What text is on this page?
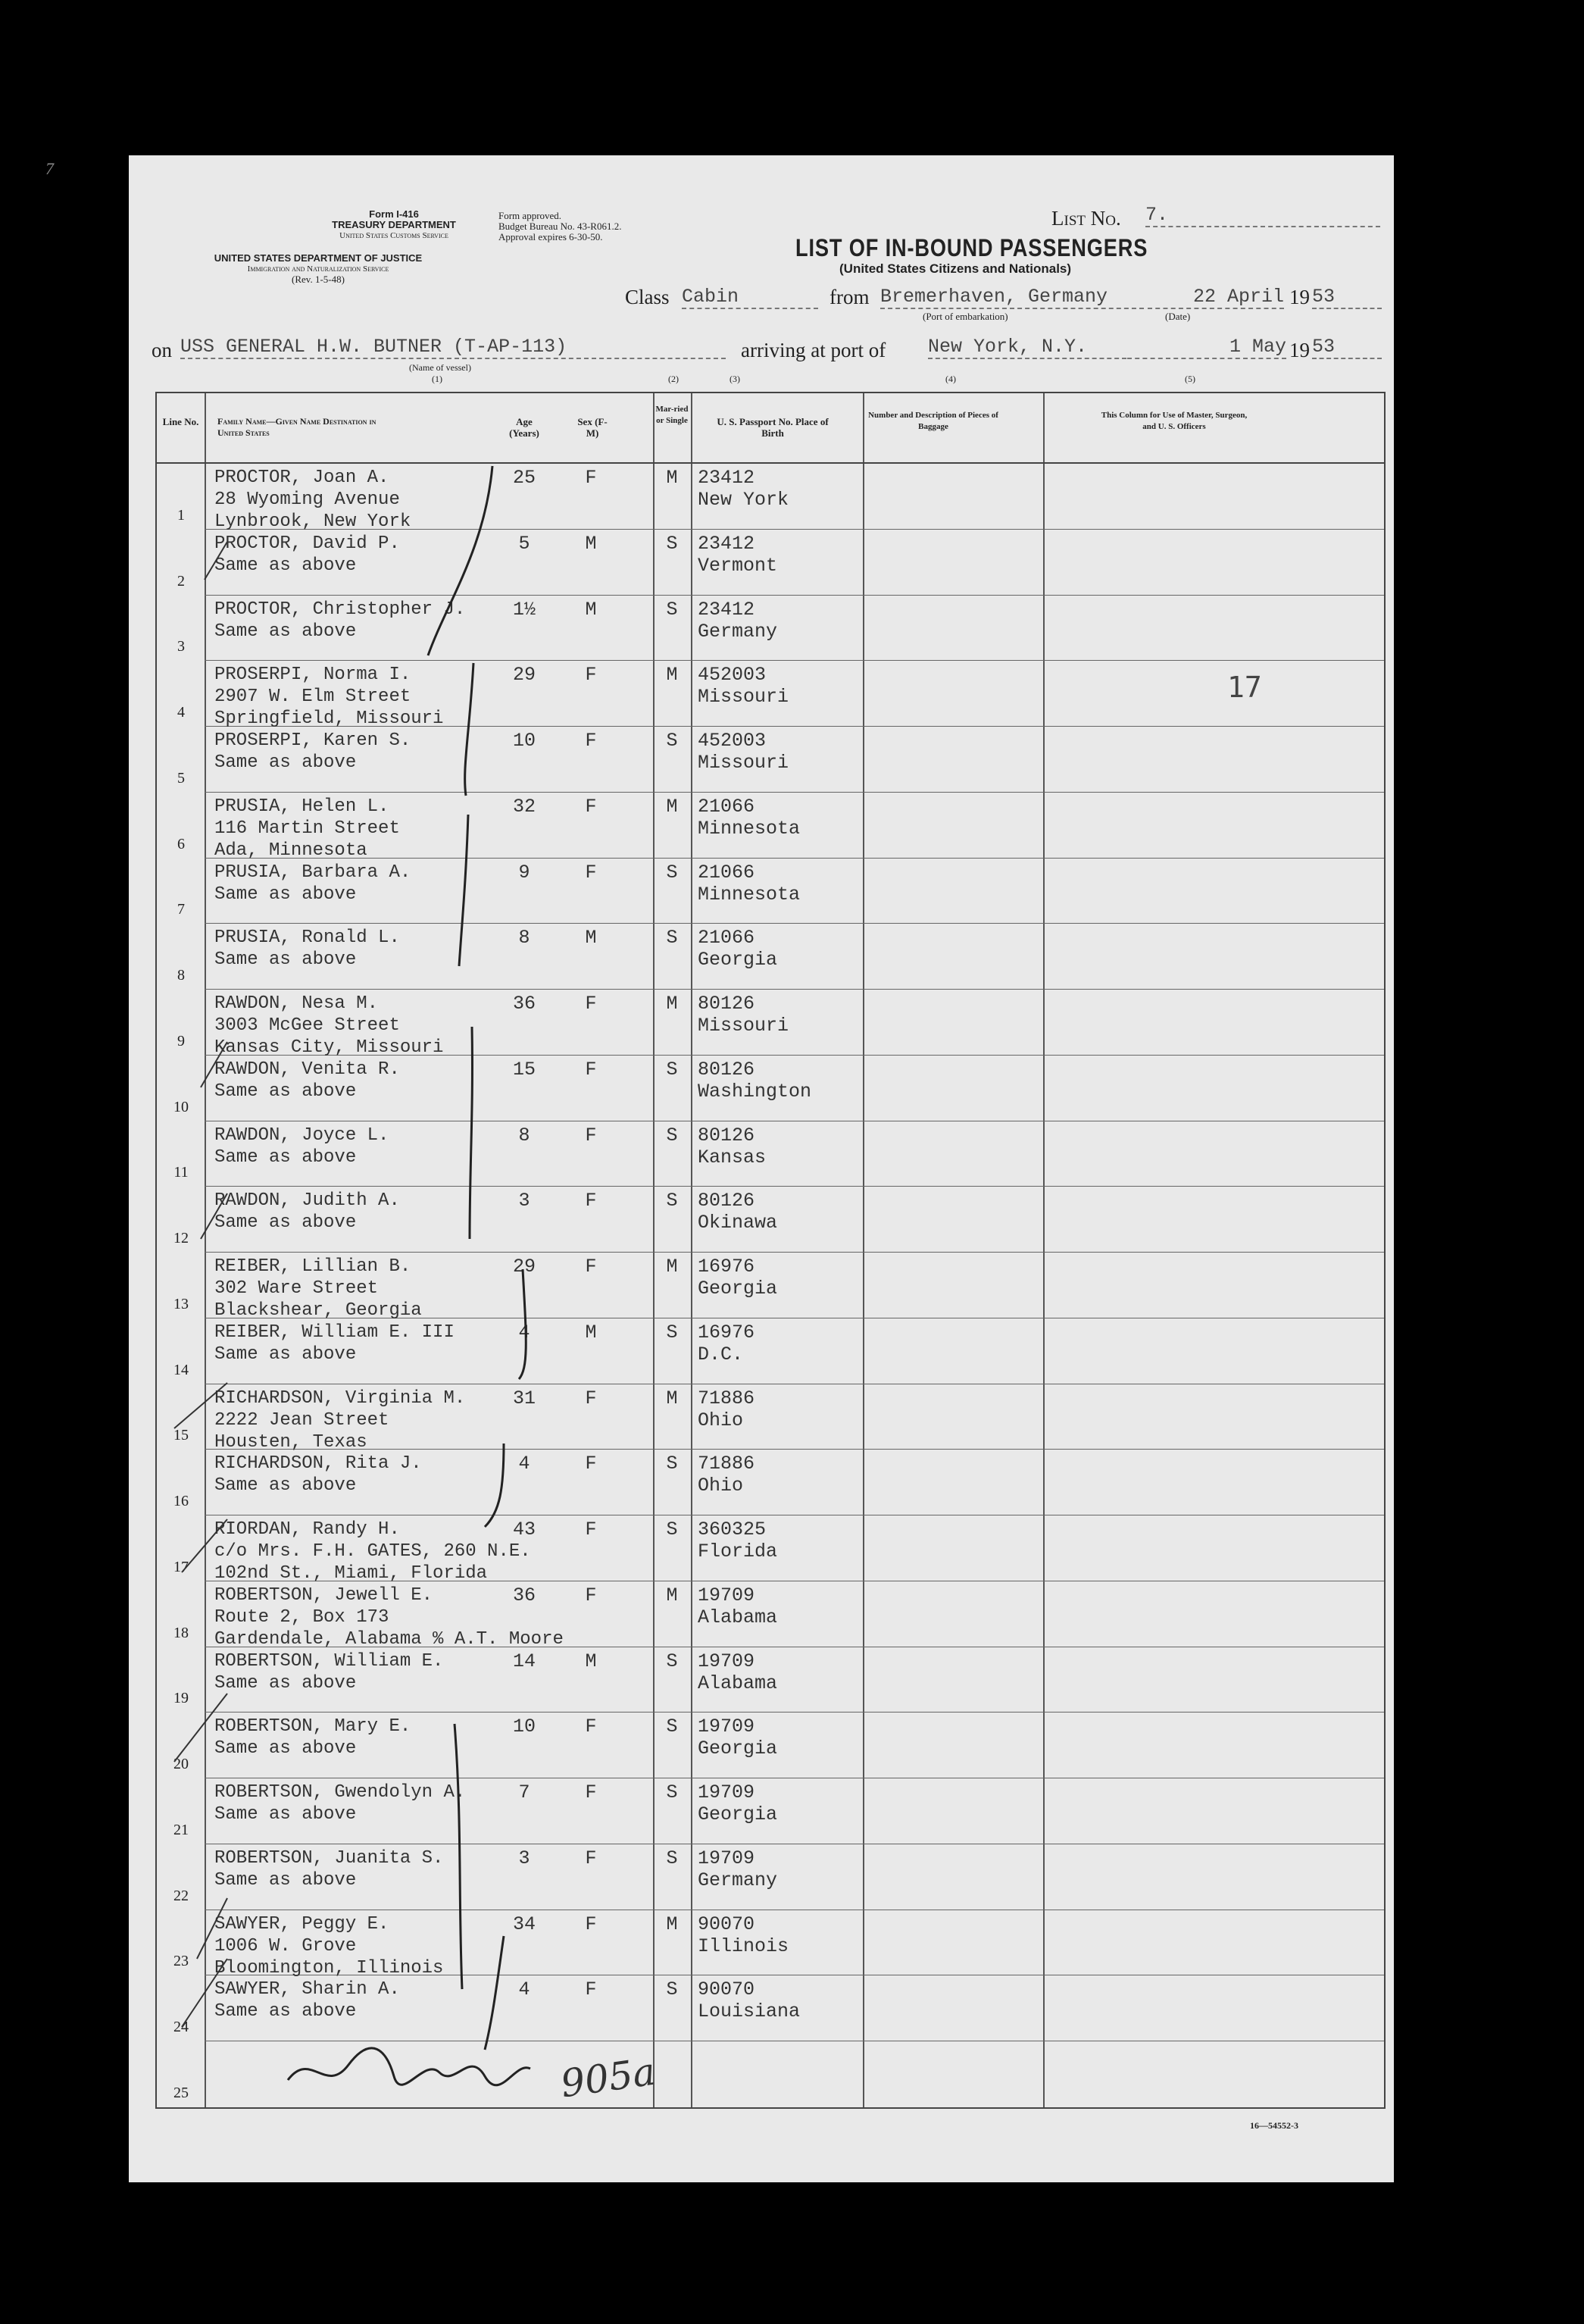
Form I-416
TREASURY DEPARTMENT
United States Customs Service
UNITED STATES DEPARTMENT OF JUSTICE
Immigration and Naturalization Service
(Rev. 1-5-48)
Form approved.
Budget Bureau No. 43-R061.2.
Approval expires 6-30-50.
List No. 7.
LIST OF IN-BOUND PASSENGERS
(United States Citizens and Nationals)
Class Cabin	from Bremerhaven, Germany	22 April 19 53
(Port of embarkation)	(Date)
on USS GENERAL H.W. BUTNER (T-AP-113)	arriving at port of New York, N.Y.	1 May 19 53
(Name of vessel)
(1)	(2)	(3)	(4)	(5)
Line No.	Family Name—Given Name Destination in United States
Age (Years)
Sex (F-M)
Mar-ried or Single	U. S. Passport No. Place of Birth
Number and Description of Pieces of Baggage
This Column for Use of Master, Surgeon, and U. S. Officers
1
PROCTOR, Joan A.
28 Wyoming Avenue
Lynbrook, New York
25	F	M	23412
New York
2
PROCTOR, David P.
Same as above
5	M	S	23412
Vermont
3
PROCTOR, Christopher J.
Same as above
1½	M	S	23412
Germany
4
PROSERPI, Norma I.
2907 W. Elm Street
Springfield, Missouri
29	F	M	452003
Missouri
5
PROSERPI, Karen S.
Same as above
10	F	S	452003
Missouri
6
PRUSIA, Helen L.
116 Martin Street
Ada, Minnesota
32	F	M	21066
Minnesota
7
PRUSIA, Barbara A.
Same as above
9	F	S	21066
Minnesota
8
PRUSIA, Ronald L.
Same as above
8	M	S	21066
Georgia
9
RAWDON, Nesa M.
3003 McGee Street
Kansas City, Missouri
36	F	M	80126
Missouri
10
RAWDON, Venita R.
Same as above
15	F	S	80126
Washington
11
RAWDON, Joyce L.
Same as above
8	F	S	80126
Kansas
12
RAWDON, Judith A.
Same as above
3	F	S	80126
Okinawa
13
REIBER, Lillian B.
302 Ware Street
Blackshear, Georgia
29	F	M	16976
Georgia
14
REIBER, William E. III
Same as above
4	M	S	16976
D.C.
15
RICHARDSON, Virginia M.
2222 Jean Street
Housten, Texas
31	F	M	71886
Ohio
16
RICHARDSON, Rita J.
Same as above
4	F	S	71886
Ohio
17
RIORDAN, Randy H.
c/o Mrs. F.H. GATES, 260 N.E.
102nd St., Miami, Florida
43	F	S	360325
Florida
18
ROBERTSON, Jewell E.
Route 2, Box 173
Gardendale, Alabama % A.T. Moore
36	F	M	19709
Alabama
19
ROBERTSON, William E.
Same as above
14	M	S	19709
Alabama
20
ROBERTSON, Mary E.
Same as above
10	F	S	19709
Georgia
21
ROBERTSON, Gwendolyn A.
Same as above
7	F	S	19709
Georgia
22
ROBERTSON, Juanita S.
Same as above
3	F	S	19709
Germany
23
SAWYER, Peggy E.
1006 W. Grove
Bloomington, Illinois
34	F	M	90070
Illinois
24
SAWYER, Sharin A.
Same as above
4	F	S	90070
Louisiana
25
17
905a
16—54552-3
7
